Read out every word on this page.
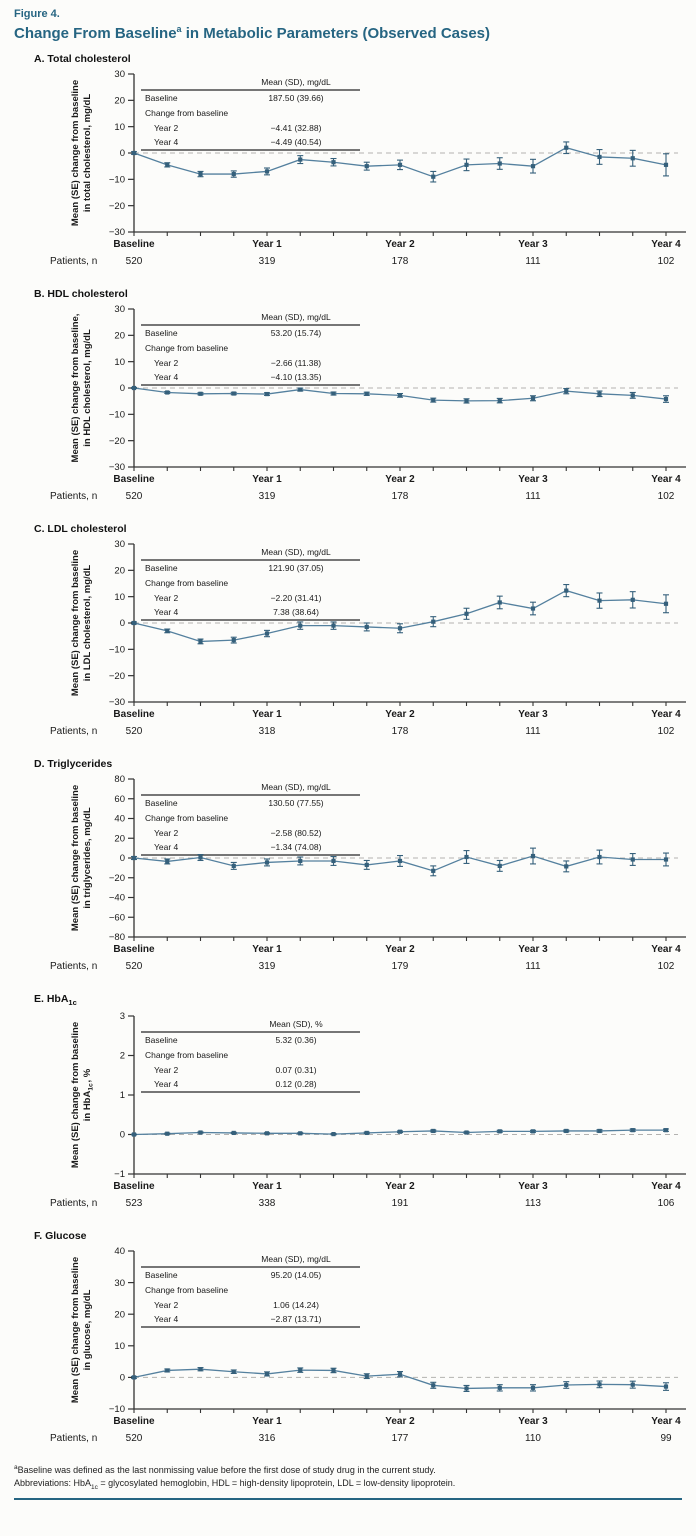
Figure 4.
Change From Baseline$^a$ in Metabolic Parameters (Observed Cases)
A. Total cholesterol
30
20
10
0
−10
−20
−30
Baseline	Year 1	Year 2	Year 3	Year 4
Mean (SD), mg/dL
Baseline	187.50 (39.66)
Change from baseline
Year 2	−4.41 (32.88)
Year 4	−4.49 (40.54)
Mean (SE) change from baseline in total cholesterol, mg/dL
Patients, n	520	319	178	111	102
B. HDL cholesterol
30
20
10
0
−10
−20
−30
Baseline	Year 1	Year 2	Year 3	Year 4
Mean (SD), mg/dL
Baseline	53.20 (15.74)
Change from baseline
Year 2	−2.66 (11.38)
Year 4	−4.10 (13.35)
Mean (SE) change from baseline, in HDL cholesterol, mg/dL
Patients, n	520	319	178	111	102
C. LDL cholesterol
30
20
10
0
−10
−20
−30
Baseline	Year 1	Year 2	Year 3	Year 4
Mean (SD), mg/dL
Baseline	121.90 (37.05)
Change from baseline
Year 2	−2.20 (31.41)
Year 4	7.38 (38.64)
Mean (SE) change from baseline in LDL cholesterol, mg/dL
Patients, n	520	318	178	111	102
D. Triglycerides
80
60
40
20
0
−20
−40
−60
−80
Baseline	Year 1	Year 2	Year 3	Year 4
Mean (SD), mg/dL
Baseline	130.50 (77.55)
Change from baseline
Year 2	−2.58 (80.52)
Year 4	−1.34 (74.08)
Mean (SE) change from baseline in triglycerides, mg/dL
Patients, n	520	319	179	111	102
E. HbA$_{1c}$
3
2
1
0
−1
Baseline	Year 1	Year 2	Year 3	Year 4
Mean (SD), %
Baseline	5.32 (0.36)
Change from baseline
Year 2	0.07 (0.31)
Year 4	0.12 (0.28)
Mean (SE) change from baseline in HbA$_{1c}$ , %
Patients, n	523	338	191	113	106
F. Glucose
40
30
20
10
0
−10
Baseline	Year 1	Year 2	Year 3	Year 4
Mean (SD), mg/dL
Baseline	95.20 (14.05)
Change from baseline
Year 2	1.06 (14.24)
Year 4	−2.87 (13.71)
Mean (SE) change from baseline in glucose, mg/dL
Patients, n	520	316	177	110	99
$^a$Baseline was defined as the last nonmissing value before the first dose of study drug in the current study.
Abbreviations: HbA$_{1c}$ = glycosylated hemoglobin, HDL = high-density lipoprotein, LDL = low-density lipoprotein.
